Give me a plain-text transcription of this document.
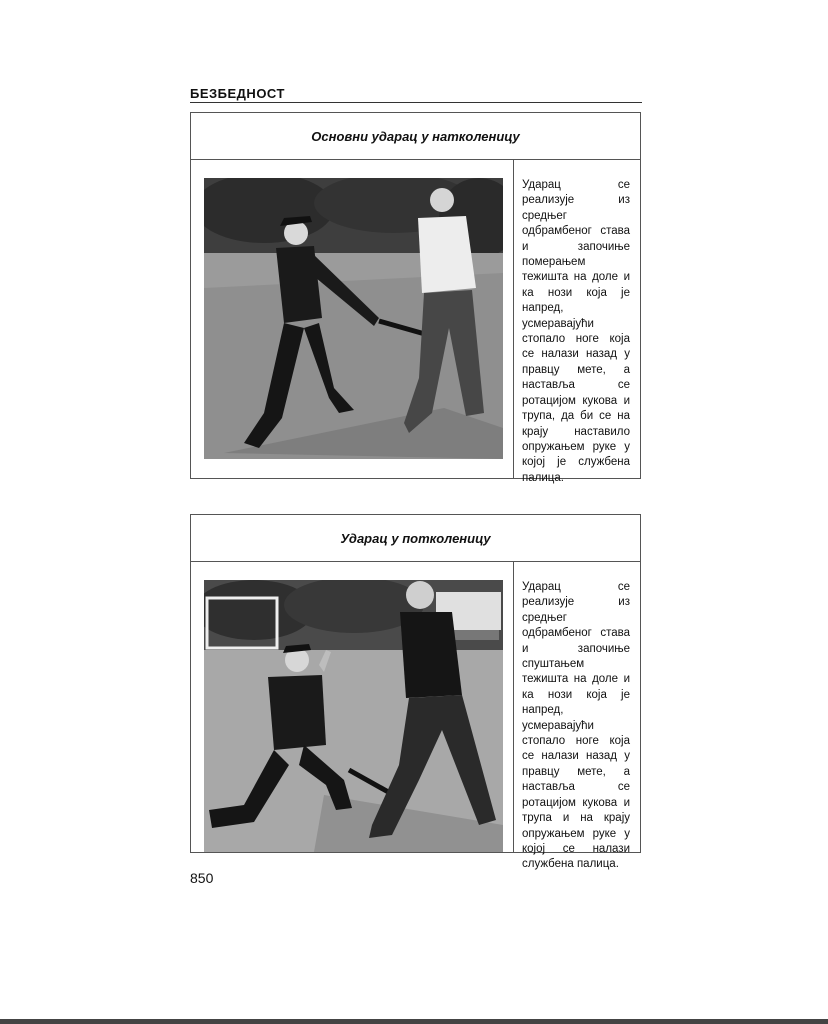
БЕЗБЕДНОСТ
Основни ударац у натколеницу
Ударац се реализује из средњег одбрамбеног става и започиње померањем тежишта на доле и ка нози која је напред, усмеравајући стопало ноге која се налази назад у правцу мете, а наставља се ротацијом кукова и трупа, да би се на крају наставило опружањем руке у којој је службена палица.
Ударац у потколеницу
Ударац се реализује из средњег одбрамбеног става и започиње спуштањем тежишта на доле и ка нози која је напред, усмеравајући стопало ноге која се налази назад у правцу мете, а наставља се ротацијом кукова и трупа и на крају опружањем руке у којој се налази службена палица.
850
